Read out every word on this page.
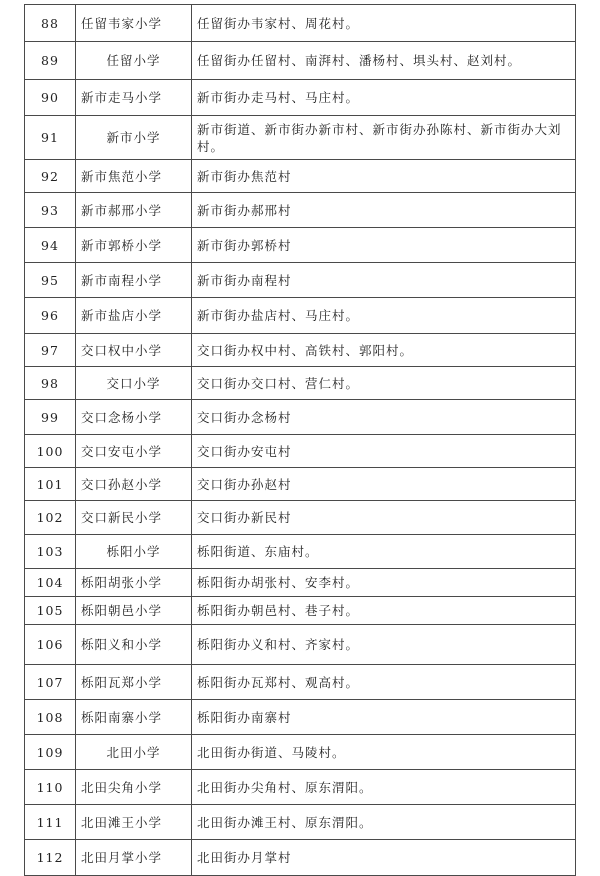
88	任留韦家小学	任留街办韦家村、周花村。
89	任留小学	任留街办任留村、南湃村、潘杨村、埧头村、赵刘村。
90	新市走马小学	新市街办走马村、马庄村。
91	新市小学	新市街道、新市街办新市村、新市街办孙陈村、新市街办大刘村。
92	新市焦范小学	新市街办焦范村
93	新市郝邢小学	新市街办郝邢村
94	新市郭桥小学	新市街办郭桥村
95	新市南程小学	新市街办南程村
96	新市盐店小学	新市街办盐店村、马庄村。
97	交口权中小学	交口街办权中村、高铁村、郭阳村。
98	交口小学	交口街办交口村、营仁村。
99	交口念杨小学	交口街办念杨村
100	交口安屯小学	交口街办安屯村
101	交口孙赵小学	交口街办孙赵村
102	交口新民小学	交口街办新民村
103	栎阳小学	栎阳街道、东庙村。
104	栎阳胡张小学	栎阳街办胡张村、安李村。
105	栎阳朝邑小学	栎阳街办朝邑村、巷子村。
106	栎阳义和小学	栎阳街办义和村、齐家村。
107	栎阳瓦郑小学	栎阳街办瓦郑村、观高村。
108	栎阳南寨小学	栎阳街办南寨村
109	北田小学	北田街办街道、马陵村。
110	北田尖角小学	北田街办尖角村、原东渭阳。
111	北田滩王小学	北田街办滩王村、原东渭阳。
112	北田月掌小学	北田街办月掌村
